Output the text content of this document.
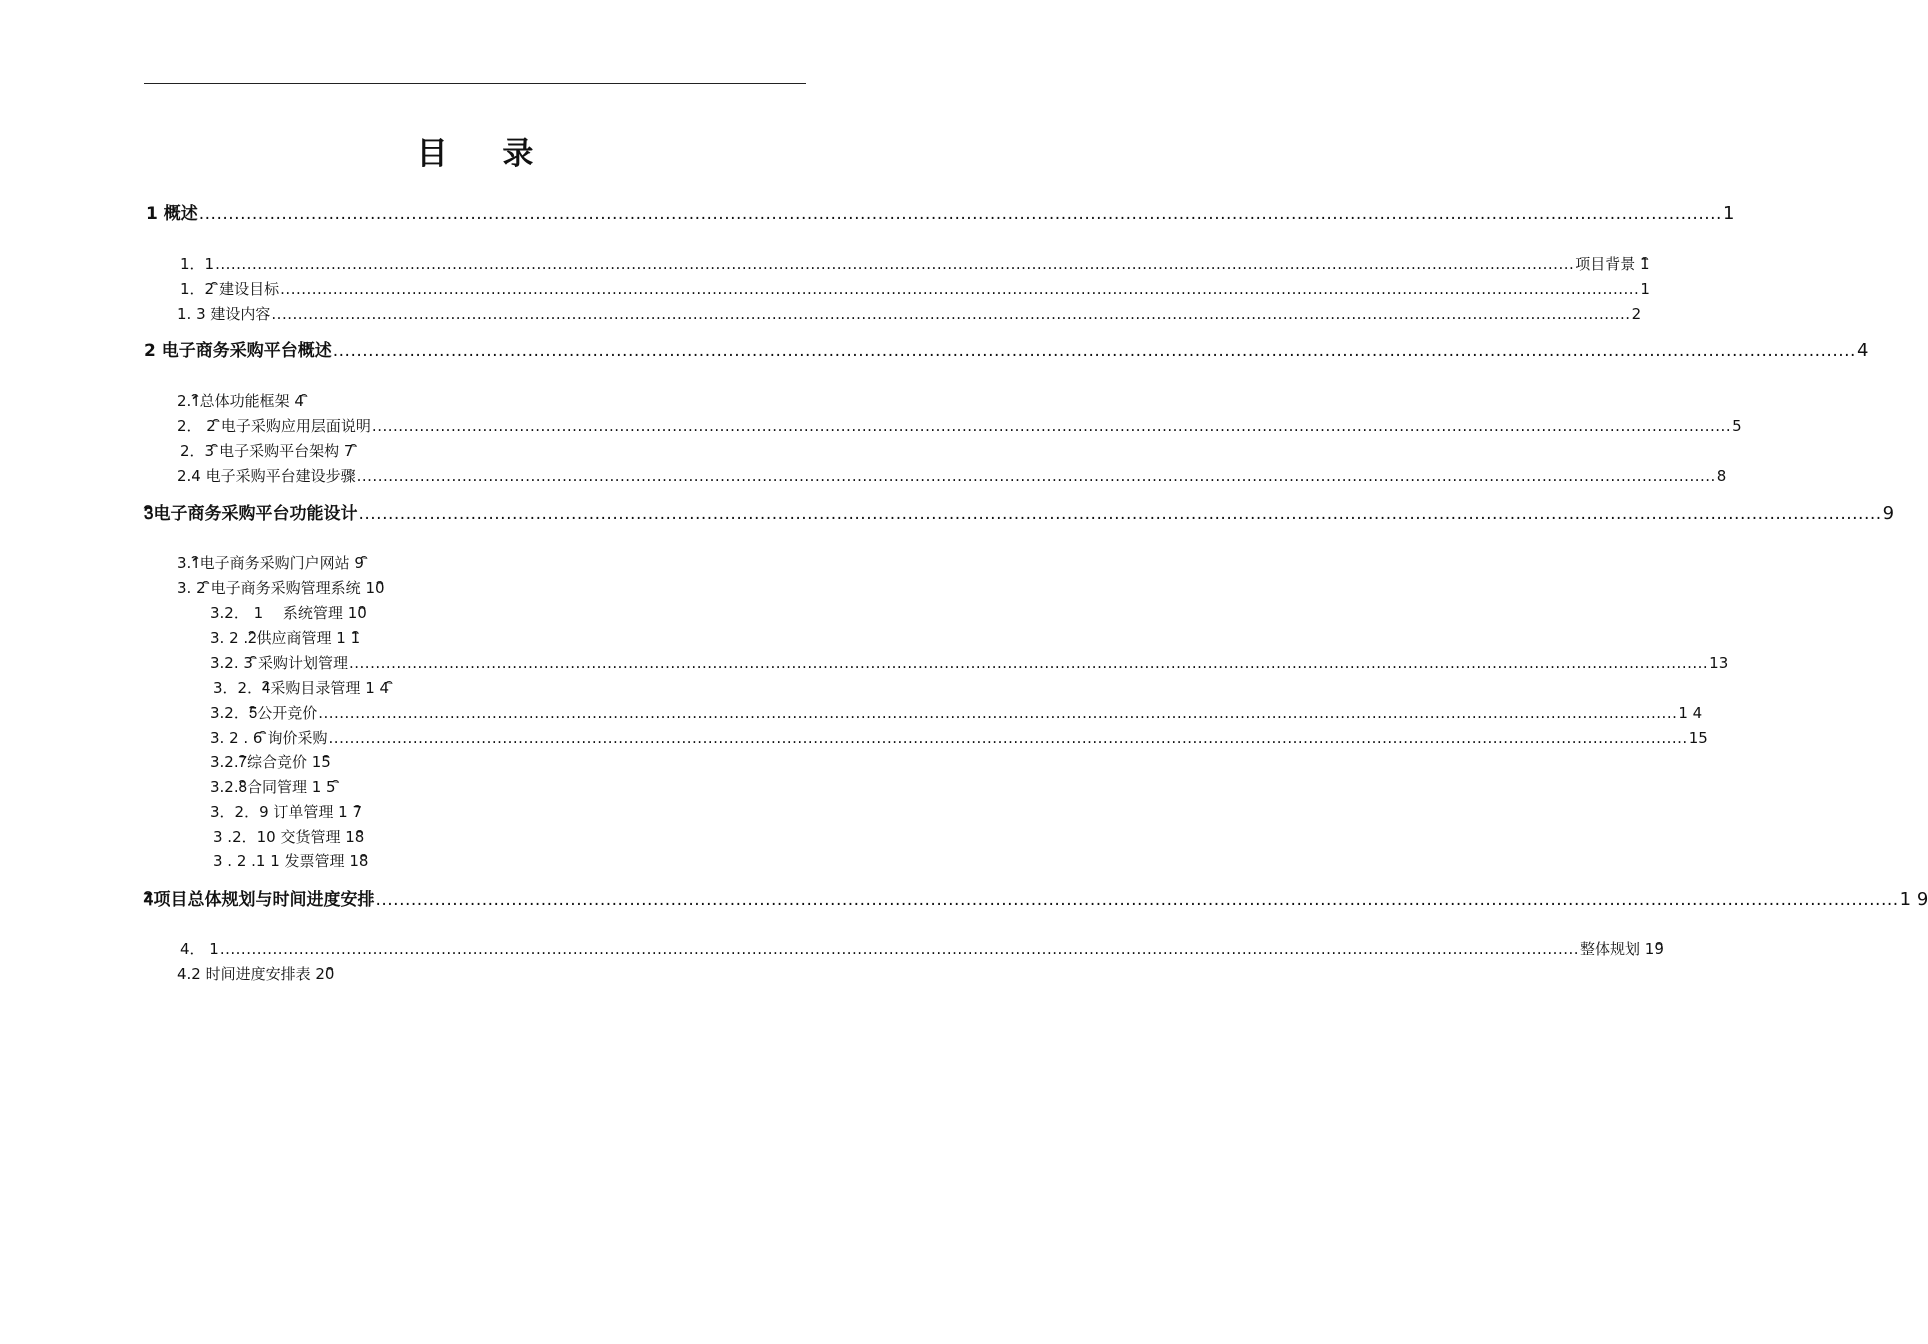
目 录
1 概述 .................................................................................................................................................................................................................................................................. 1
1．1 .................................................................................................................................................................................................................................................................. 项目背景 1ิ
1．2 ิ建设目标 .................................................................................................................................................................................................................................................................. 1
1. 3 建设内容 .................................................................................................................................................................................................................................................................. 2
2 电子商务采购平台概述 .................................................................................................................................................................................................................................................................. 4
2.1ิ总体功能框架 4 ิ
2． 2 ิ电子采购应用层面说明 .................................................................................................................................................................................................................................................................. 5
2．3 ิ电子采购平台架构 7 ิ
2.4 电子采购平台建设步骤 .................................................................................................................................................................................................................................................................. 8
3ิ电子商务采购平台功能设计 .................................................................................................................................................................................................................................................................. 9
3.1ิ电子商务采购门户网站 9 ิ
3. 2 ิ电子商务采购管理系统 10ิ
3.2． 1　 系统管理 10ิ
3. 2 .2ิ供应商管理 1 1ิ
3.2. 3 ิ采购计划管理 .................................................................................................................................................................................................................................................................. 13
3．2．4ิ采购目录管理 1 4 ิ
3.2．5ิ公开竞价 .................................................................................................................................................................................................................................................................. 1 4
3. 2 . 6 ิ询价采购 .................................................................................................................................................................................................................................................................. 15
3.2.7ิ综合竞价 15ิ
3.2.8ิ合同管理 1 5 ิ
3．2．9 订单管理 1 7ิ
3 .2．10 交货管理 18ิ
3 . 2 .1 1 发票管理 18ิ
4ิ项目总体规划与时间进度安排 .................................................................................................................................................................................................................................................................. 1 9
4． 1 .................................................................................................................................................................................................................................................................. 整体规划 19ิ
4.2 时间进度安排表 20ิ
